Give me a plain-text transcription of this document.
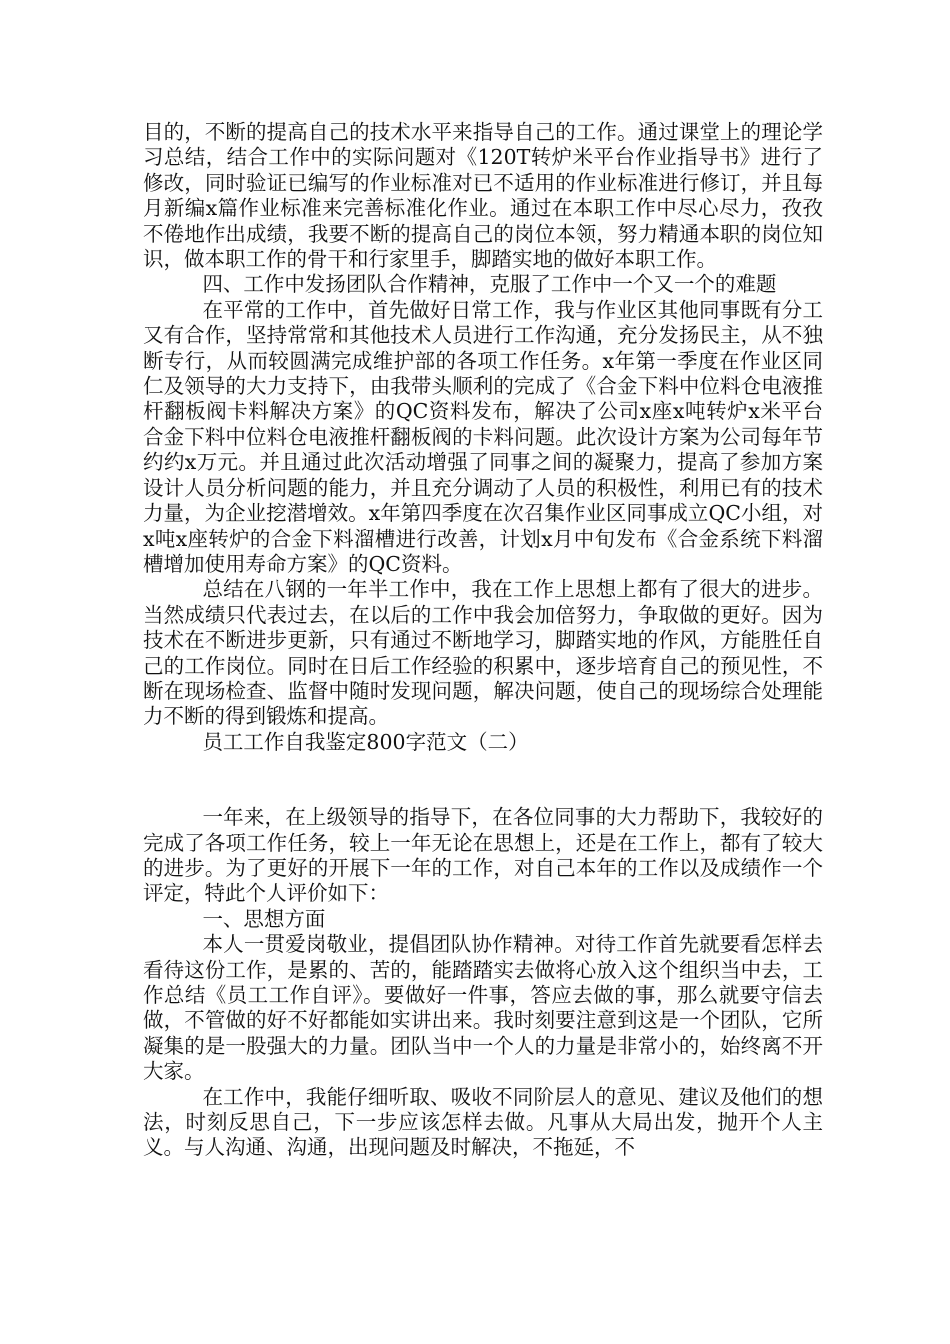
目的，不断的提高自己的技术水平来指导自己的工作。通过课堂上的理论学习总结，结合工作中的实际问题对《120T转炉米平台作业指导书》进行了修改，同时验证已编写的作业标准对已不适用的作业标准进行修订，并且每月新编x篇作业标准来完善标准化作业。通过在本职工作中尽心尽力，孜孜不倦地作出成绩，我要不断的提高自己的岗位本领，努力精通本职的岗位知识，做本职工作的骨干和行家里手，脚踏实地的做好本职工作。

四、工作中发扬团队合作精神，克服了工作中一个又一个的难题

在平常的工作中，首先做好日常工作，我与作业区其他同事既有分工又有合作，坚持常常和其他技术人员进行工作沟通，充分发扬民主，从不独断专行，从而较圆满完成维护部的各项工作任务。x年第一季度在作业区同仁及领导的大力支持下，由我带头顺利的完成了《合金下料中位料仓电液推杆翻板阀卡料解决方案》的QC资料发布，解决了公司x座x吨转炉x米平台合金下料中位料仓电液推杆翻板阀的卡料问题。此次设计方案为公司每年节约约x万元。并且通过此次活动增强了同事之间的凝聚力，提高了参加方案设计人员分析问题的能力，并且充分调动了人员的积极性，利用已有的技术力量，为企业挖潜增效。x年第四季度在次召集作业区同事成立QC小组，对x吨x座转炉的合金下料溜槽进行改善，计划x月中旬发布《合金系统下料溜槽增加使用寿命方案》的QC资料。

总结在八钢的一年半工作中，我在工作上思想上都有了很大的进步。当然成绩只代表过去，在以后的工作中我会加倍努力，争取做的更好。因为技术在不断进步更新，只有通过不断地学习，脚踏实地的作风，方能胜任自己的工作岗位。同时在日后工作经验的积累中，逐步培育自己的预见性，不断在现场检查、监督中随时发现问题，解决问题，使自己的现场综合处理能力不断的得到锻炼和提高。

员工工作自我鉴定800字范文（二）

一年来，在上级领导的指导下，在各位同事的大力帮助下，我较好的完成了各项工作任务，较上一年无论在思想上，还是在工作上，都有了较大的进步。为了更好的开展下一年的工作，对自己本年的工作以及成绩作一个评定，特此个人评价如下：

一、思想方面

本人一贯爱岗敬业，提倡团队协作精神。对待工作首先就要看怎样去看待这份工作，是累的、苦的，能踏踏实去做将心放入这个组织当中去，工作总结《员工工作自评》。要做好一件事，答应去做的事，那么就要守信去做，不管做的好不好都能如实讲出来。我时刻要注意到这是一个团队，它所凝集的是一股强大的力量。团队当中一个人的力量是非常小的，始终离不开大家。

在工作中，我能仔细听取、吸收不同阶层人的意见、建议及他们的想法，时刻反思自己，下一步应该怎样去做。凡事从大局出发，抛开个人主义。与人沟通、沟通，出现问题及时解决，不拖延，不
